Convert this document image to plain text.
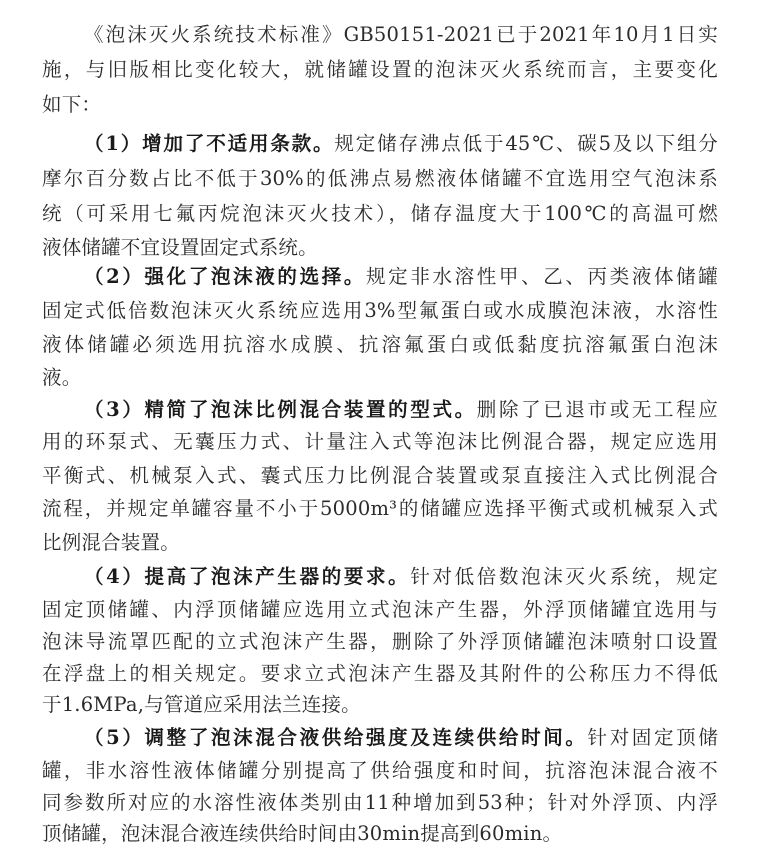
《泡沫灭火系统技术标准》GB50151-2021已于2021年10月1日实
施，与旧版相比变化较大，就储罐设置的泡沫灭火系统而言，主要变化
如下：
（1）增加了不适用条款。规定储存沸点低于45℃、碳5及以下组分
摩尔百分数占比不低于30%的低沸点易燃液体储罐不宜选用空气泡沫系
统（可采用七氟丙烷泡沫灭火技术），储存温度大于100℃的高温可燃
液体储罐不宜设置固定式系统。
（2）强化了泡沫液的选择。规定非水溶性甲、乙、丙类液体储罐
固定式低倍数泡沫灭火系统应选用3%型氟蛋白或水成膜泡沫液，水溶性
液体储罐必须选用抗溶水成膜、抗溶氟蛋白或低黏度抗溶氟蛋白泡沫
液。
（3）精简了泡沫比例混合装置的型式。删除了已退市或无工程应
用的环泵式、无囊压力式、计量注入式等泡沫比例混合器，规定应选用
平衡式、机械泵入式、囊式压力比例混合装置或泵直接注入式比例混合
流程，并规定单罐容量不小于5000m³的储罐应选择平衡式或机械泵入式
比例混合装置。
（4）提高了泡沫产生器的要求。针对低倍数泡沫灭火系统，规定
固定顶储罐、内浮顶储罐应选用立式泡沫产生器，外浮顶储罐宜选用与
泡沫导流罩匹配的立式泡沫产生器，删除了外浮顶储罐泡沫喷射口设置
在浮盘上的相关规定。要求立式泡沫产生器及其附件的公称压力不得低
于1.6MPa,与管道应采用法兰连接。
（5）调整了泡沫混合液供给强度及连续供给时间。针对固定顶储
罐，非水溶性液体储罐分别提高了供给强度和时间，抗溶泡沫混合液不
同参数所对应的水溶性液体类别由11种增加到53种；针对外浮顶、内浮
顶储罐，泡沫混合液连续供给时间由30min提高到60min。
